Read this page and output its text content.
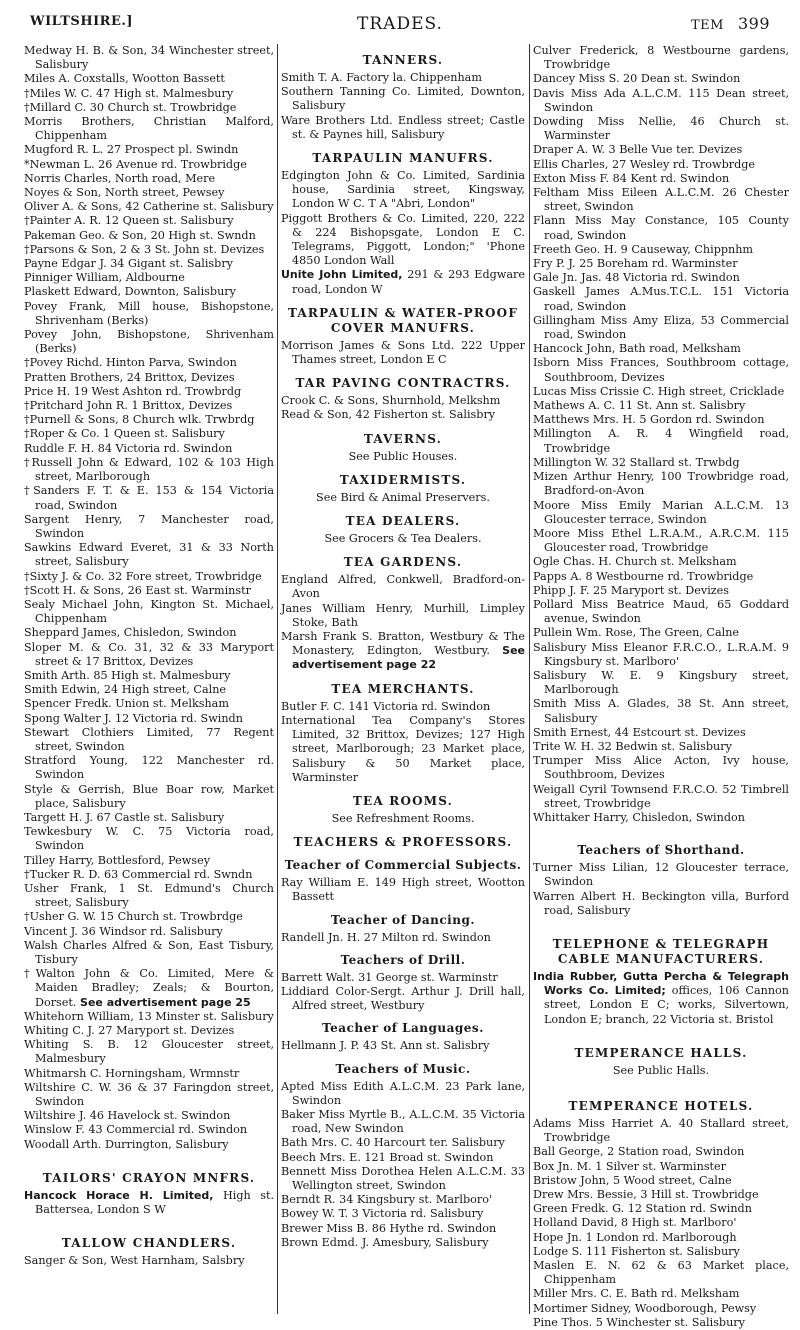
WILTSHIRE.]	TRADES.	TEM 399
Medway H. B. & Son, 34 Winchester street, Salisbury
Miles A. Coxstalls, Wootton Bassett
†Miles W. C. 47 High st. Malmesbury
†Millard C. 30 Church st. Trowbridge
Morris Brothers, Christian Malford, Chippenham
Mugford R. L. 27 Prospect pl. Swindn
*Newman L. 26 Avenue rd. Trowbridge
Norris Charles, North road, Mere
Noyes & Son, North street, Pewsey
Oliver A. & Sons, 42 Catherine st. Salisbury
†Painter A. R. 12 Queen st. Salisbury
Pakeman Geo. & Son, 20 High st. Swndn
†Parsons & Son, 2 & 3 St. John st. Devizes
Payne Edgar J. 34 Gigant st. Salisbry
Pinniger William, Aldbourne
Plaskett Edward, Downton, Salisbury
Povey Frank, Mill house, Bishopstone, Shrivenham (Berks)
Povey John, Bishopstone, Shrivenham (Berks)
†Povey Richd. Hinton Parva, Swindon
Pratten Brothers, 24 Brittox, Devizes
Price H. 19 West Ashton rd. Trowbrdg
†Pritchard John R. 1 Brittox, Devizes
†Purnell & Sons, 8 Church wlk. Trwbrdg
†Roper & Co. 1 Queen st. Salisbury
Ruddle F. H. 84 Victoria rd. Swindon
†Russell John & Edward, 102 & 103 High street, Marlborough
†Sanders F. T. & E. 153 & 154 Victoria road, Swindon
Sargent Henry, 7 Manchester road, Swindon
Sawkins Edward Everet, 31 & 33 North street, Salisbury
†Sixty J. & Co. 32 Fore street, Trowbridge
†Scott H. & Sons, 26 East st. Warminstr
Sealy Michael John, Kington St. Michael, Chippenham
Sheppard James, Chisledon, Swindon
Sloper M. & Co. 31, 32 & 33 Maryport street & 17 Brittox, Devizes
Smith Arth. 85 High st. Malmesbury
Smith Edwin, 24 High street, Calne
Spencer Fredk. Union st. Melksham
Spong Walter J. 12 Victoria rd. Swindn
Stewart Clothiers Limited, 77 Regent street, Swindon
Stratford Young, 122 Manchester rd. Swindon
Style & Gerrish, Blue Boar row, Market place, Salisbury
Targett H. J. 67 Castle st. Salisbury
Tewkesbury W. C. 75 Victoria road, Swindon
Tilley Harry, Bottlesford, Pewsey
†Tucker R. D. 63 Commercial rd. Swndn
Usher Frank, 1 St. Edmund's Church street, Salisbury
†Usher G. W. 15 Church st. Trowbrdge
Vincent J. 36 Windsor rd. Salisbury
Walsh Charles Alfred & Son, East Tisbury, Tisbury
†Walton John & Co. Limited, Mere & Maiden Bradley; Zeals; & Bourton, Dorset. See advertisement page 25
Whitehorn William, 13 Minster st. Salisbury
Whiting C. J. 27 Maryport st. Devizes
Whiting S. B. 12 Gloucester street, Malmesbury
Whitmarsh C. Horningsham, Wrmnstr
Wiltshire C. W. 36 & 37 Faringdon street, Swindon
Wiltshire J. 46 Havelock st. Swindon
Winslow F. 43 Commercial rd. Swindon
Woodall Arth. Durrington, Salisbury
TAILORS' CRAYON MNFRS.
Hancock Horace H. Limited, High st. Battersea, London S W
TALLOW CHANDLERS.
Sanger & Son, West Harnham, Salsbry
TANNERS.
Smith T. A. Factory la. Chippenham
Southern Tanning Co. Limited, Downton, Salisbury
Ware Brothers Ltd. Endless street; Castle st. & Paynes hill, Salisbury
TARPAULIN MANUFRS.
Edgington John & Co. Limited, Sardinia house, Sardinia street, Kingsway, London W C. T A "Abri, London"
Piggott Brothers & Co. Limited, 220, 222 & 224 Bishopsgate, London E C. Telegrams, Piggott, London;" 'Phone 4850 London Wall
Unite John Limited, 291 & 293 Edgware road, London W
TARPAULIN & WATER-PROOF COVER MANUFRS.
Morrison James & Sons Ltd. 222 Upper Thames street, London E C
TAR PAVING CONTRACTRS.
Crook C. & Sons, Shurnhold, Melkshm
Read & Son, 42 Fisherton st. Salisbry
TAVERNS.
See Public Houses.
TAXIDERMISTS.
See Bird & Animal Preservers.
TEA DEALERS.
See Grocers & Tea Dealers.
TEA GARDENS.
England Alfred, Conkwell, Bradford-on-Avon
Janes William Henry, Murhill, Limpley Stoke, Bath
Marsh Frank S. Bratton, Westbury & The Monastery, Edington, Westbury. See advertisement page 22
TEA MERCHANTS.
Butler F. C. 141 Victoria rd. Swindon
International Tea Company's Stores Limited, 32 Brittox, Devizes; 127 High street, Marlborough; 23 Market place, Salisbury & 50 Market place, Warminster
TEA ROOMS.
See Refreshment Rooms.
TEACHERS & PROFESSORS.
Teacher of Commercial Subjects.
Ray William E. 149 High street, Wootton Bassett
Teacher of Dancing.
Randell Jn. H. 27 Milton rd. Swindon
Teachers of Drill.
Barrett Walt. 31 George st. Warminstr
Liddiard Color-Sergt. Arthur J. Drill hall, Alfred street, Westbury
Teacher of Languages.
Hellmann J. P. 43 St. Ann st. Salisbry
Teachers of Music.
Apted Miss Edith A.L.C.M. 23 Park lane, Swindon
Baker Miss Myrtle B., A.L.C.M. 35 Victoria road, New Swindon
Bath Mrs. C. 40 Harcourt ter. Salisbury
Beech Mrs. E. 121 Broad st. Swindon
Bennett Miss Dorothea Helen A.L.C.M. 33 Wellington street, Swindon
Berndt R. 34 Kingsbury st. Marlboro'
Bowey W. T. 3 Victoria rd. Salisbury
Brewer Miss B. 86 Hythe rd. Swindon
Brown Edmd. J. Amesbury, Salisbury
Culver Frederick, 8 Westbourne gardens, Trowbridge
Dancey Miss S. 20 Dean st. Swindon
Davis Miss Ada A.L.C.M. 115 Dean street, Swindon
Dowding Miss Nellie, 46 Church st. Warminster
Draper A. W. 3 Belle Vue ter. Devizes
Ellis Charles, 27 Wesley rd. Trowbrdge
Exton Miss F. 84 Kent rd. Swindon
Feltham Miss Eileen A.L.C.M. 26 Chester street, Swindon
Flann Miss May Constance, 105 County road, Swindon
Freeth Geo. H. 9 Causeway, Chippnhm
Fry P. J. 25 Boreham rd. Warminster
Gale Jn. Jas. 48 Victoria rd. Swindon
Gaskell James A.Mus.T.C.L. 151 Victoria road, Swindon
Gillingham Miss Amy Eliza, 53 Commercial road, Swindon
Hancock John, Bath road, Melksham
Isborn Miss Frances, Southbroom cottage, Southbroom, Devizes
Lucas Miss Crissie C. High street, Cricklade
Mathews A. C. 11 St. Ann st. Salisbry
Matthews Mrs. H. 5 Gordon rd. Swindon
Millington A. R. 4 Wingfield road, Trowbridge
Millington W. 32 Stallard st. Trwbdg
Mizen Arthur Henry, 100 Trowbridge road, Bradford-on-Avon
Moore Miss Emily Marian A.L.C.M. 13 Gloucester terrace, Swindon
Moore Miss Ethel L.R.A.M., A.R.C.M. 115 Gloucester road, Trowbridge
Ogle Chas. H. Church st. Melksham
Papps A. 8 Westbourne rd. Trowbridge
Phipp J. F. 25 Maryport st. Devizes
Pollard Miss Beatrice Maud, 65 Goddard avenue, Swindon
Pullein Wm. Rose, The Green, Calne
Salisbury Miss Eleanor F.R.C.O., L.R.A.M. 9 Kingsbury st. Marlboro'
Salisbury W. E. 9 Kingsbury street, Marlborough
Smith Miss A. Glades, 38 St. Ann street, Salisbury
Smith Ernest, 44 Estcourt st. Devizes
Trite W. H. 32 Bedwin st. Salisbury
Trumper Miss Alice Acton, Ivy house, Southbroom, Devizes
Weigall Cyril Townsend F.R.C.O. 52 Timbrell street, Trowbridge
Whittaker Harry, Chisledon, Swindon
Teachers of Shorthand.
Turner Miss Lilian, 12 Gloucester terrace, Swindon
Warren Albert H. Beckington villa, Burford road, Salisbury
TELEPHONE & TELEGRAPH CABLE MANUFACTURERS.
India Rubber, Gutta Percha & Telegraph Works Co. Limited; offices, 106 Cannon street, London E C; works, Silvertown, London E; branch, 22 Victoria st. Bristol
TEMPERANCE HALLS.
See Public Halls.
TEMPERANCE HOTELS.
Adams Miss Harriet A. 40 Stallard street, Trowbridge
Ball George, 2 Station road, Swindon
Box Jn. M. 1 Silver st. Warminster
Bristow John, 5 Wood street, Calne
Drew Mrs. Bessie, 3 Hill st. Trowbridge
Green Fredk. G. 12 Station rd. Swindn
Holland David, 8 High st. Marlboro'
Hope Jn. 1 London rd. Marlborough
Lodge S. 111 Fisherton st. Salisbury
Maslen E. N. 62 & 63 Market place, Chippenham
Miller Mrs. C. E. Bath rd. Melksham
Mortimer Sidney, Woodborough, Pewsy
Pine Thos. 5 Winchester st. Salisbury
